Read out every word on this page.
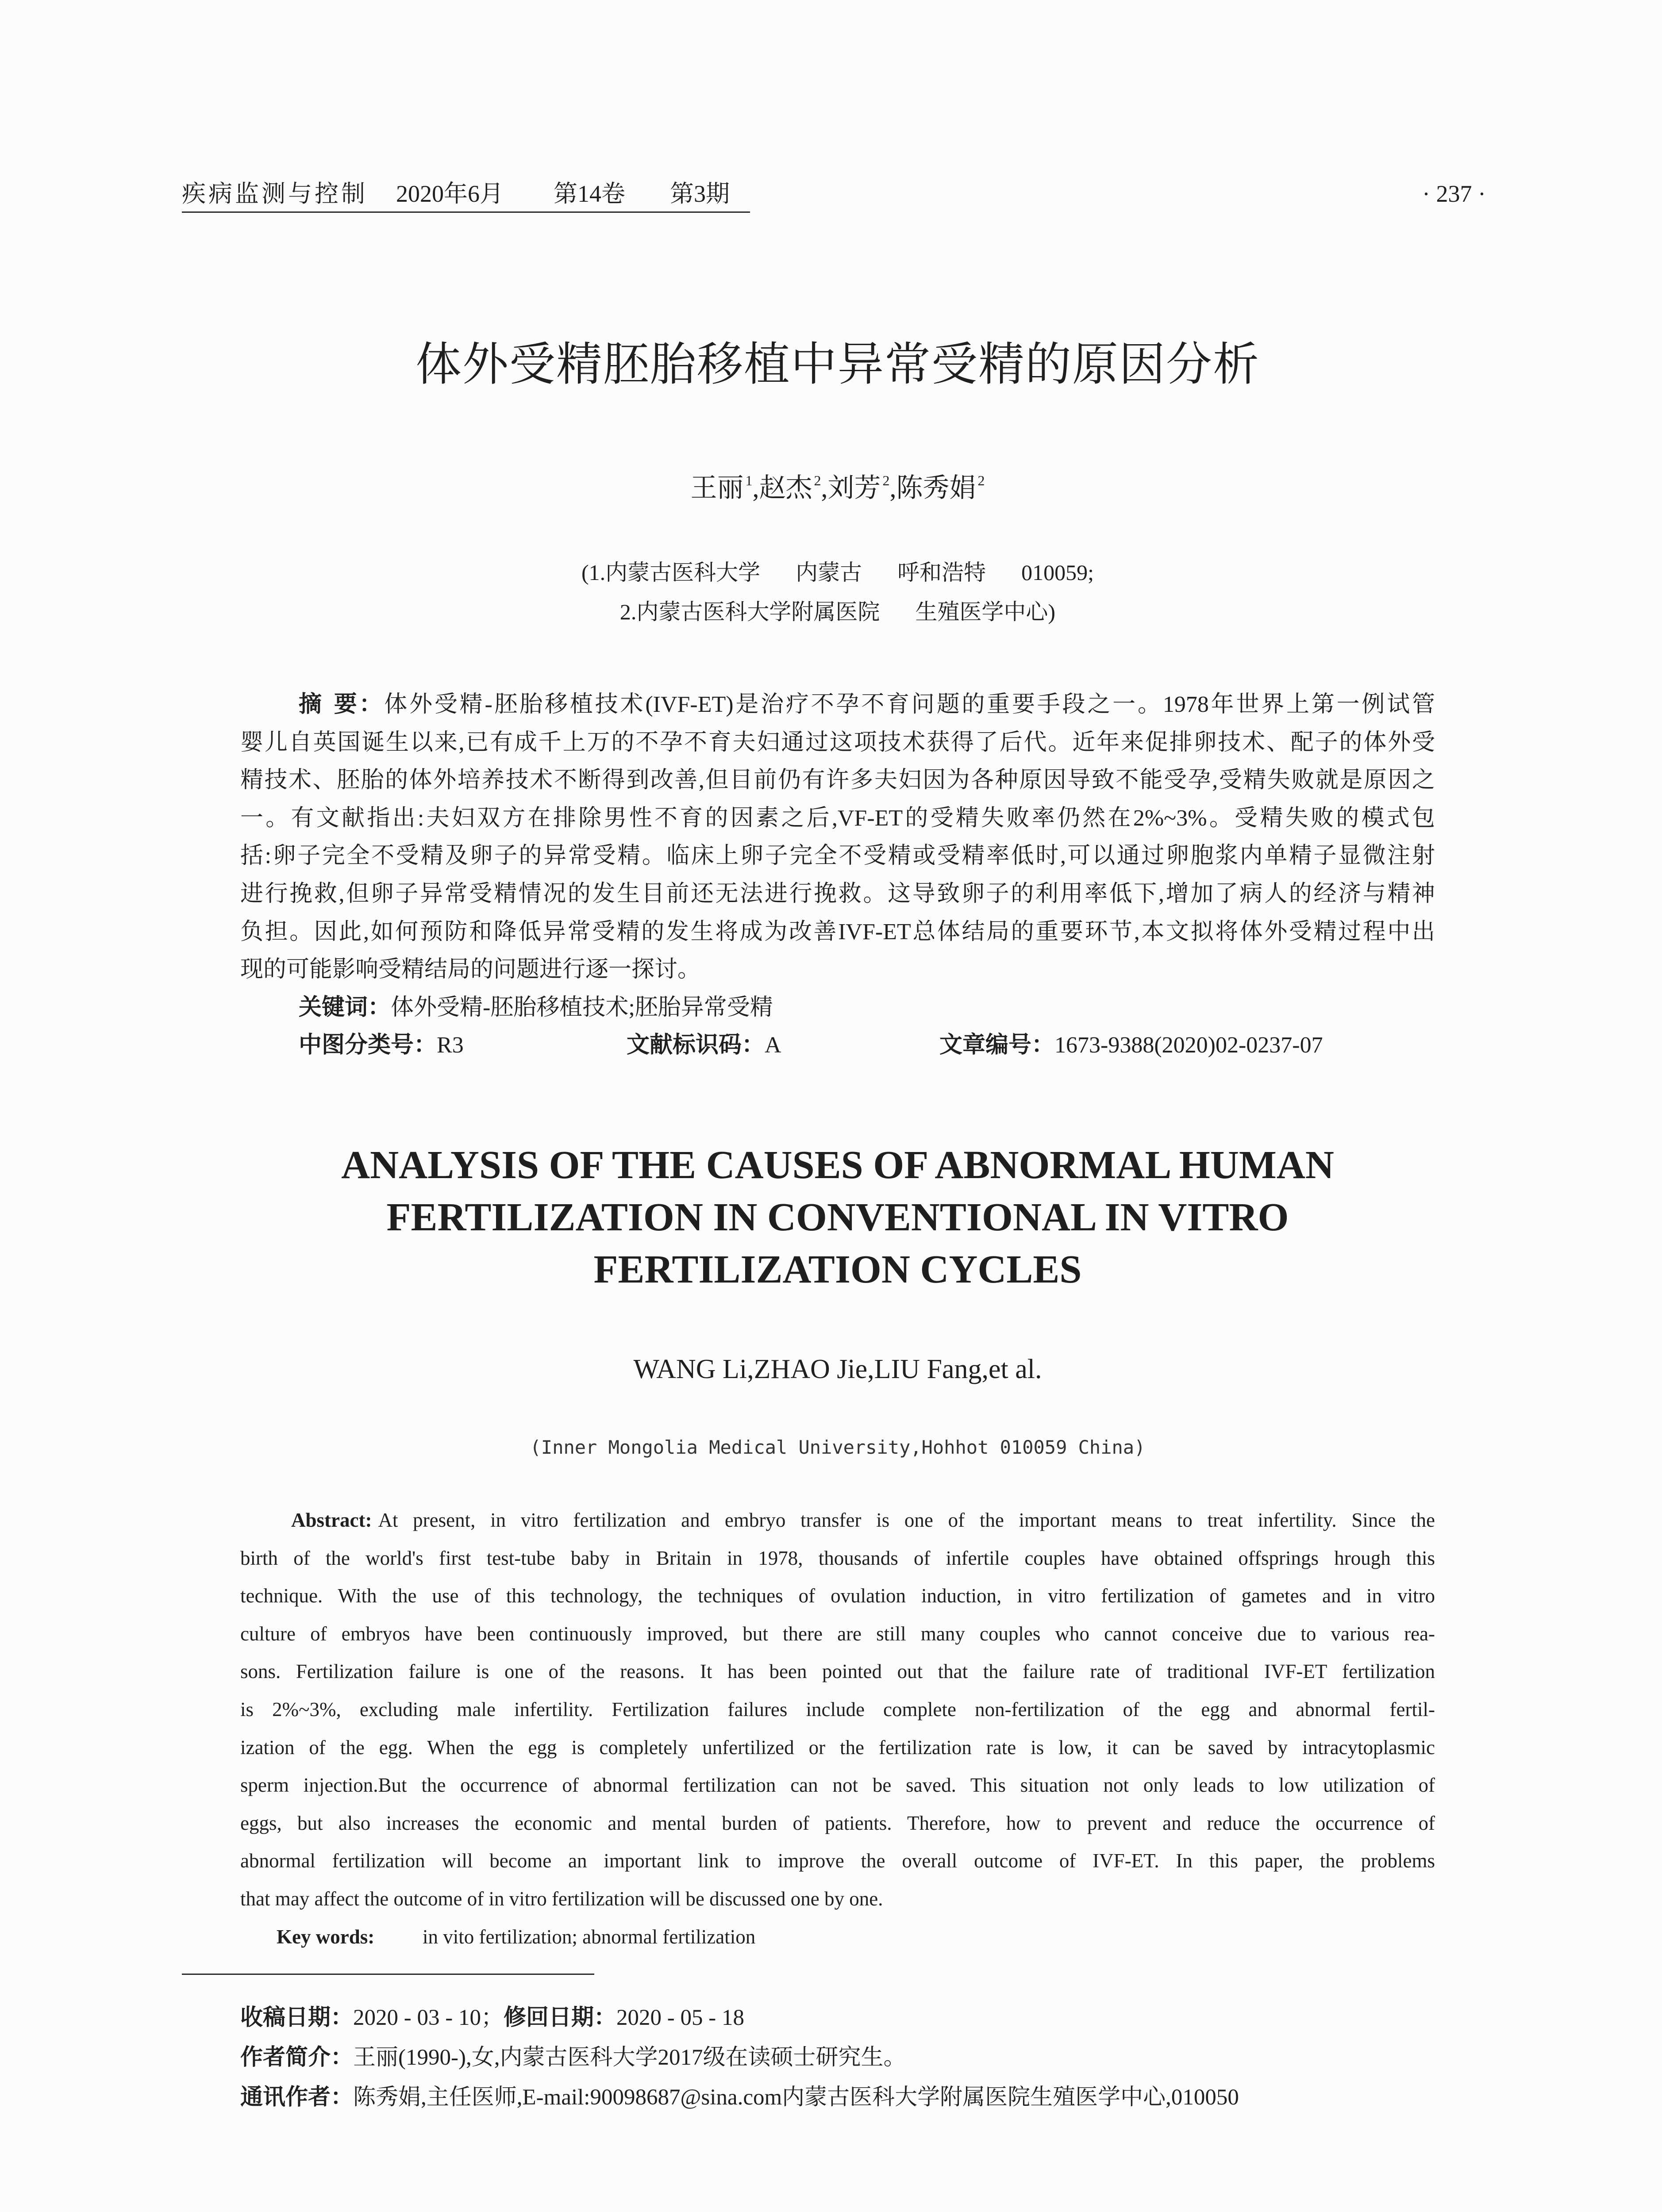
疾病监测与控制 2020年6月 第14卷 第3期	· 237 ·
体外受精胚胎移植中异常受精的原因分析
王丽 $^1$,赵杰 $^2$,刘芳 $^2$,陈秀娟 $^2$
(1.内蒙古医科大学 内蒙古 呼和浩特 010059;
2.内蒙古医科大学附属医院 生殖医学中心)
摘 要：体外受精-胚胎移植技术(IVF-ET)是治疗不孕不育问题的重要手段之一。1978年世界上第一例试管
婴儿自英国诞生以来,已有成千上万的不孕不育夫妇通过这项技术获得了后代。近年来促排卵技术、配子的体外受
精技术、胚胎的体外培养技术不断得到改善,但目前仍有许多夫妇因为各种原因导致不能受孕,受精失败就是原因之
一。有文献指出:夫妇双方在排除男性不育的因素之后,VF-ET的受精失败率仍然在2%~3%。受精失败的模式包
括:卵子完全不受精及卵子的异常受精。临床上卵子完全不受精或受精率低时,可以通过卵胞浆内单精子显微注射
进行挽救,但卵子异常受精情况的发生目前还无法进行挽救。这导致卵子的利用率低下,增加了病人的经济与精神
负担。因此,如何预防和降低异常受精的发生将成为改善IVF-ET总体结局的重要环节,本文拟将体外受精过程中出
现的可能影响受精结局的问题进行逐一探讨。
关键词：体外受精-胚胎移植技术;胚胎异常受精
中图分类号：R3	文献标识码：A	文章编号：1673-9388(2020)02-0237-07
ANALYSIS OF THE CAUSES OF ABNORMAL HUMAN
FERTILIZATION IN CONVENTIONAL IN VITRO
FERTILIZATION CYCLES
WANG Li,ZHAO Jie,LIU Fang,et al.
(Inner Mongolia Medical University,Hohhot 010059 China)
Abstract: At present, in vitro fertilization and embryo transfer is one of the important means to treat infertility. Since the
birth of the world's first test-tube baby in Britain in 1978, thousands of infertile couples have obtained offsprings hrough this
technique. With the use of this technology, the techniques of ovulation induction, in vitro fertilization of gametes and in vitro
culture of embryos have been continuously improved, but there are still many couples who cannot conceive due to various rea-
sons. Fertilization failure is one of the reasons. It has been pointed out that the failure rate of traditional IVF-ET fertilization
is 2%~3%, excluding male infertility. Fertilization failures include complete non-fertilization of the egg and abnormal fertil-
ization of the egg. When the egg is completely unfertilized or the fertilization rate is low, it can be saved by intracytoplasmic
sperm injection.But the occurrence of abnormal fertilization can not be saved. This situation not only leads to low utilization of
eggs, but also increases the economic and mental burden of patients. Therefore, how to prevent and reduce the occurrence of
abnormal fertilization will become an important link to improve the overall outcome of IVF-ET. In this paper, the problems
that may affect the outcome of in vitro fertilization will be discussed one by one.
Key words: in vito fertilization; abnormal fertilization
收稿日期：2020 - 03 - 10；修回日期：2020 - 05 - 18
作者简介：王丽(1990-),女,内蒙古医科大学2017级在读硕士研究生。
通讯作者：陈秀娟,主任医师,E-mail:90098687@sina.com内蒙古医科大学附属医院生殖医学中心,010050
